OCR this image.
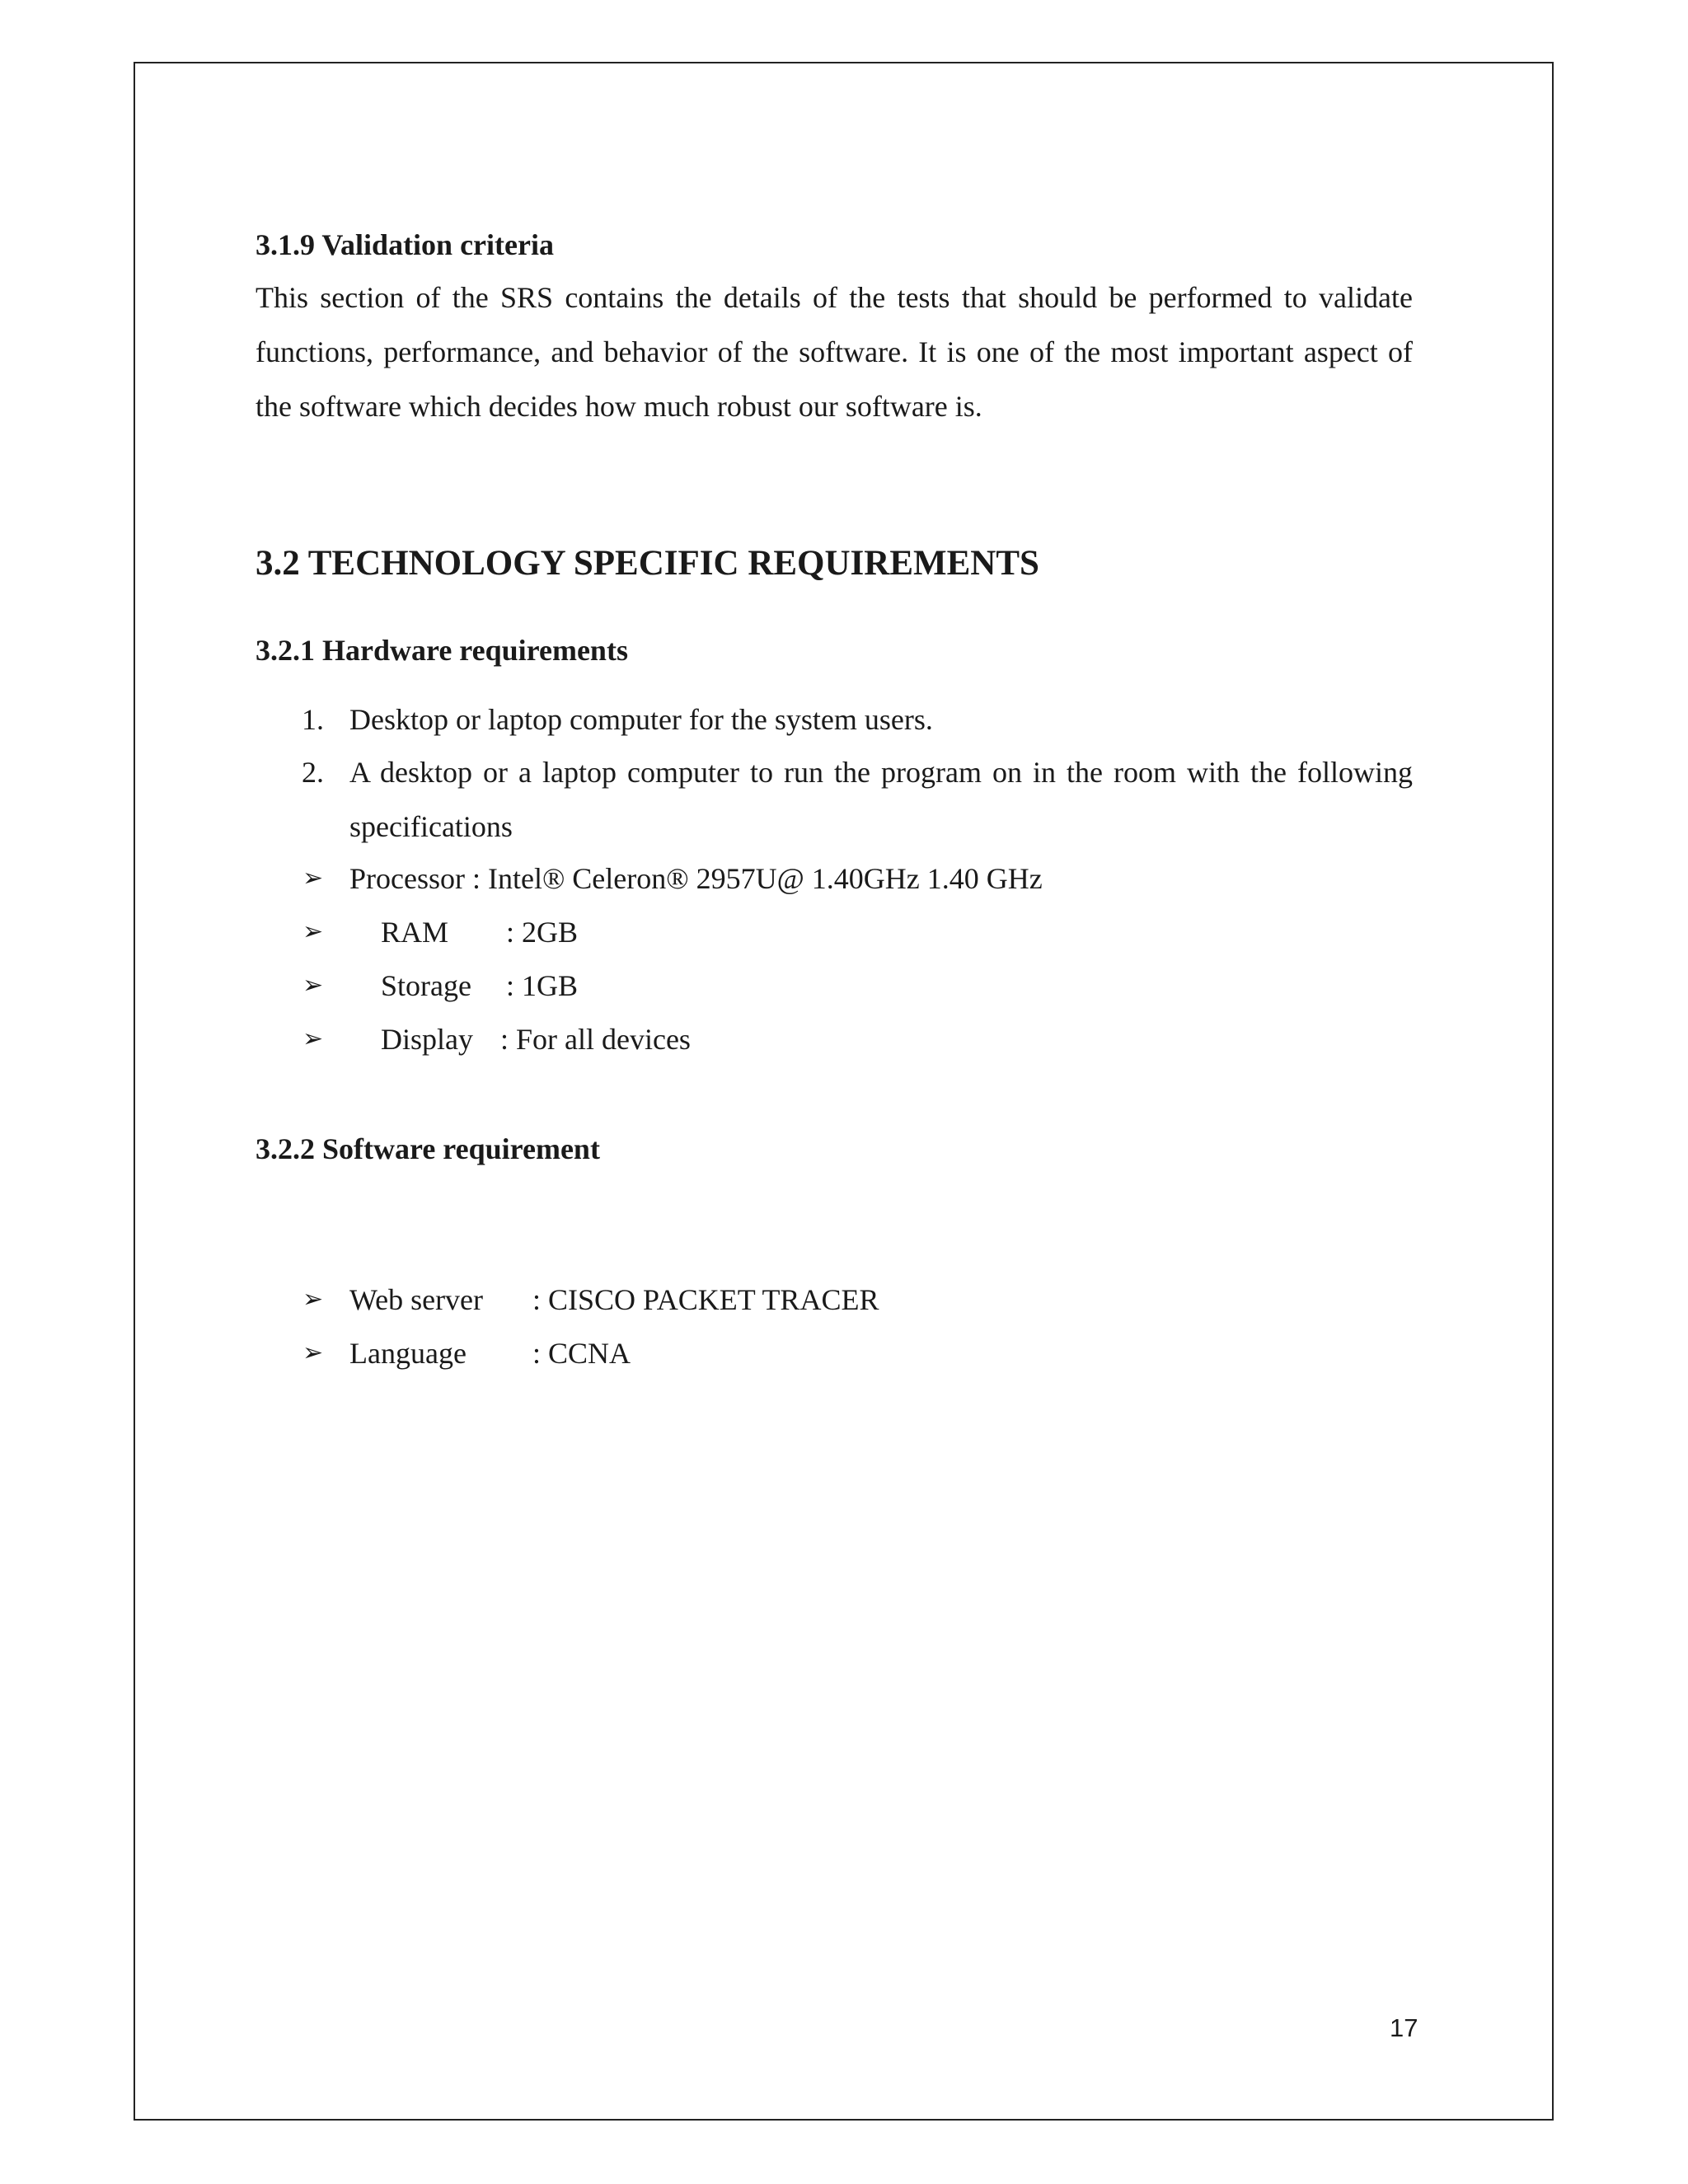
3.1.9 Validation criteria
This section of the SRS contains the details of the tests that should be performed to validate functions, performance, and behavior of the software. It is one of the most important aspect of the software which decides how much robust our software is.
3.2 TECHNOLOGY SPECIFIC REQUIREMENTS
3.2.1 Hardware requirements
1. Desktop or laptop computer for the system users.
2. A desktop or a laptop computer to run the program on in the room with the following specifications
➢ Processor : Intel® Celeron® 2957U@ 1.40GHz 1.40 GHz
➢ RAM : 2GB
➢ Storage : 1GB
➢ Display : For all devices
3.2.2 Software requirement
➢ Web server : CISCO PACKET TRACER
➢ Language : CCNA
17
